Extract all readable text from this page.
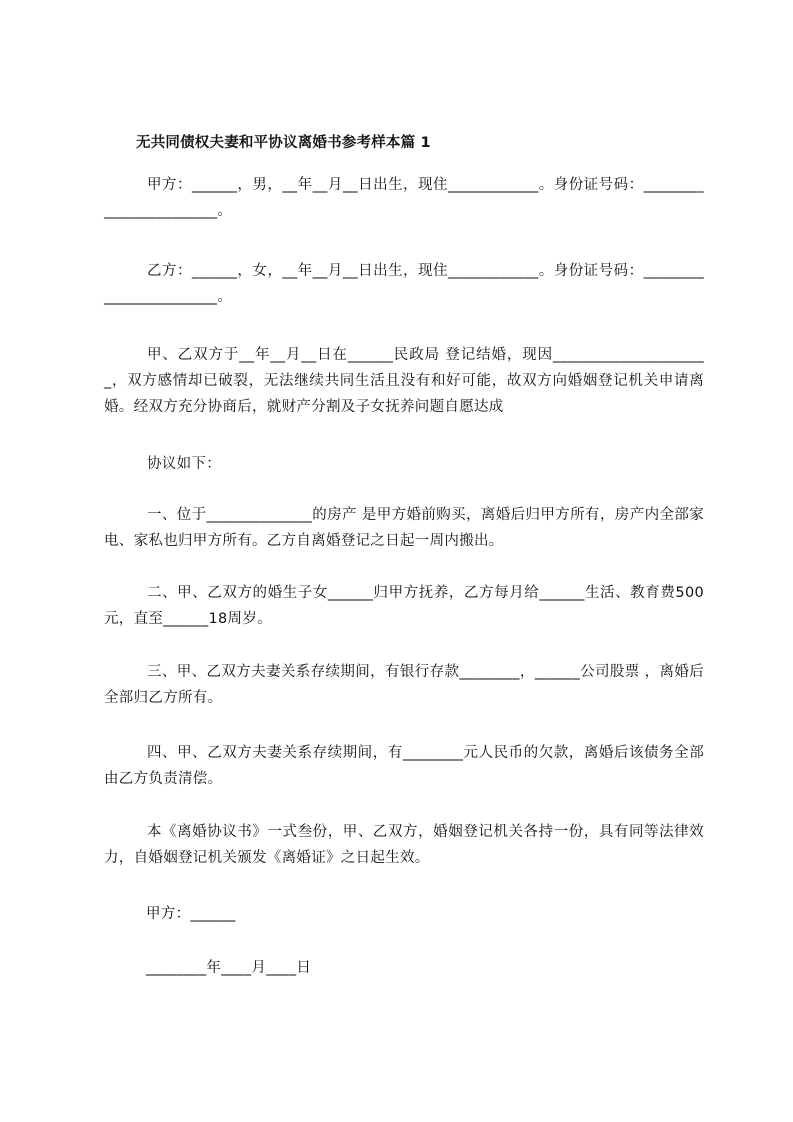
无共同债权夫妻和平协议离婚书参考样本篇 1

甲方：______，男，__年__月__日出生，现住____________。身份证号码：_______________________。

乙方：______，女，__年__月__日出生，现住____________。身份证号码：_______________________。

甲、乙双方于__年__月__日在______民政局 登记结婚，现因_____________________，双方感情却已破裂，无法继续共同生活且没有和好可能，故双方向婚姻登记机关申请离婚。经双方充分协商后，就财产分割及子女抚养问题自愿达成

协议如下：

一、位于______________的房产 是甲方婚前购买，离婚后归甲方所有，房产内全部家电、家私也归甲方所有。乙方自离婚登记之日起一周内搬出。

二、甲、乙双方的婚生子女______归甲方抚养，乙方每月给______生活、教育费500元，直至______18周岁。

三、甲、乙双方夫妻关系存续期间，有银行存款________，______公司股票 ，离婚后全部归乙方所有。

四、甲、乙双方夫妻关系存续期间，有________元人民币的欠款，离婚后该债务全部由乙方负责清偿。

本《离婚协议书》一式叁份，甲、乙双方，婚姻登记机关各持一份，具有同等法律效力，自婚姻登记机关颁发《离婚证》之日起生效。

甲方：______
________年____月____日
